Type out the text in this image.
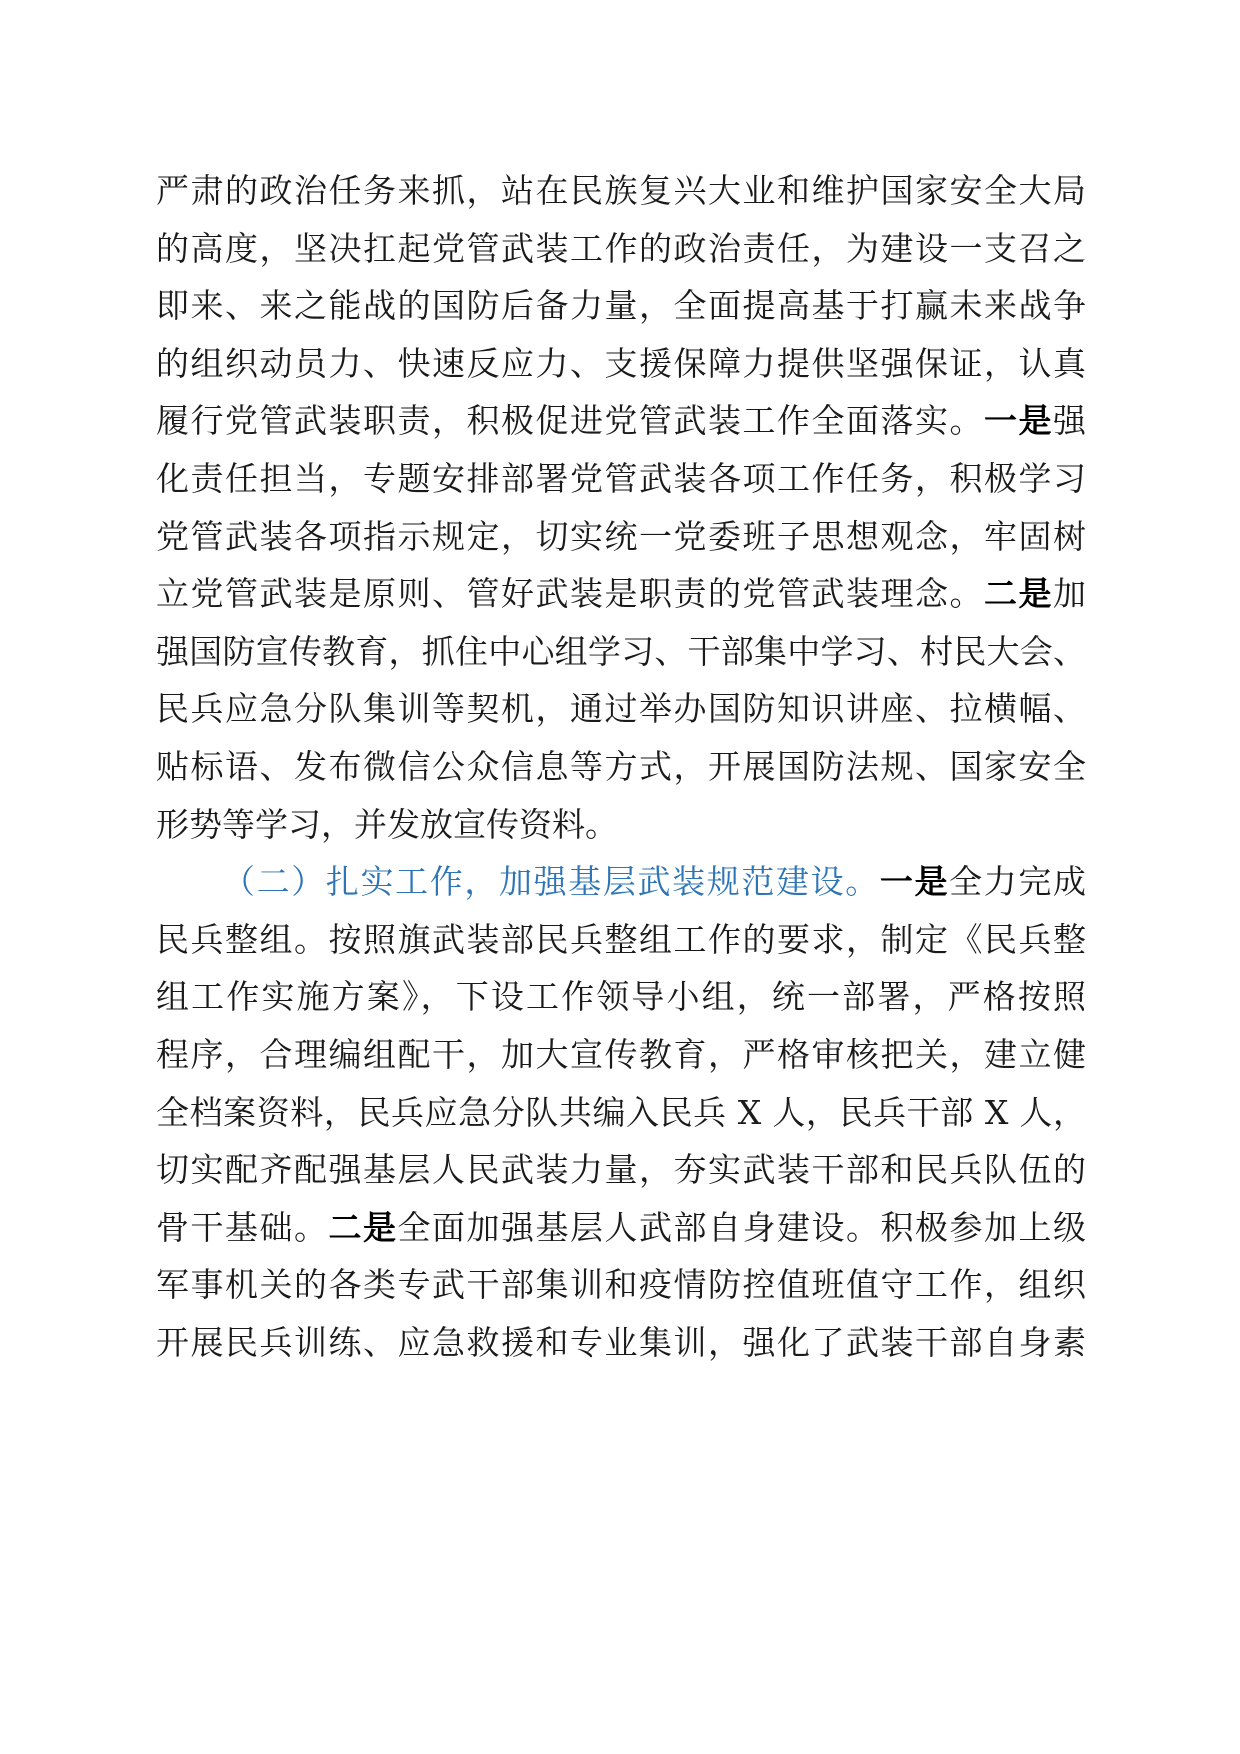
严肃的政治任务来抓，站在民族复兴大业和维护国家安全大局
的高度，坚决扛起党管武装工作的政治责任，为建设一支召之
即来、来之能战的国防后备力量，全面提高基于打赢未来战争
的组织动员力、快速反应力、支援保障力提供坚强保证，认真
履行党管武装职责，积极促进党管武装工作全面落实。一是强
化责任担当，专题安排部署党管武装各项工作任务，积极学习
党管武装各项指示规定，切实统一党委班子思想观念，牢固树
立党管武装是原则、管好武装是职责的党管武装理念。二是加
强国防宣传教育，抓住中心组学习、干部集中学习、村民大会、
民兵应急分队集训等契机，通过举办国防知识讲座、拉横幅、
贴标语、发布微信公众信息等方式，开展国防法规、国家安全
形势等学习，并发放宣传资料。
（二）扎实工作，加强基层武装规范建设。一是全力完成
民兵整组。按照旗武装部民兵整组工作的要求，制定《民兵整
组工作实施方案》，下设工作领导小组，统一部署，严格按照
程序，合理编组配干，加大宣传教育，严格审核把关，建立健
全档案资料，民兵应急分队共编入民兵 X 人，民兵干部 X 人，
切实配齐配强基层人民武装力量，夯实武装干部和民兵队伍的
骨干基础。二是全面加强基层人武部自身建设。积极参加上级
军事机关的各类专武干部集训和疫情防控值班值守工作，组织
开展民兵训练、应急救援和专业集训，强化了武装干部自身素
